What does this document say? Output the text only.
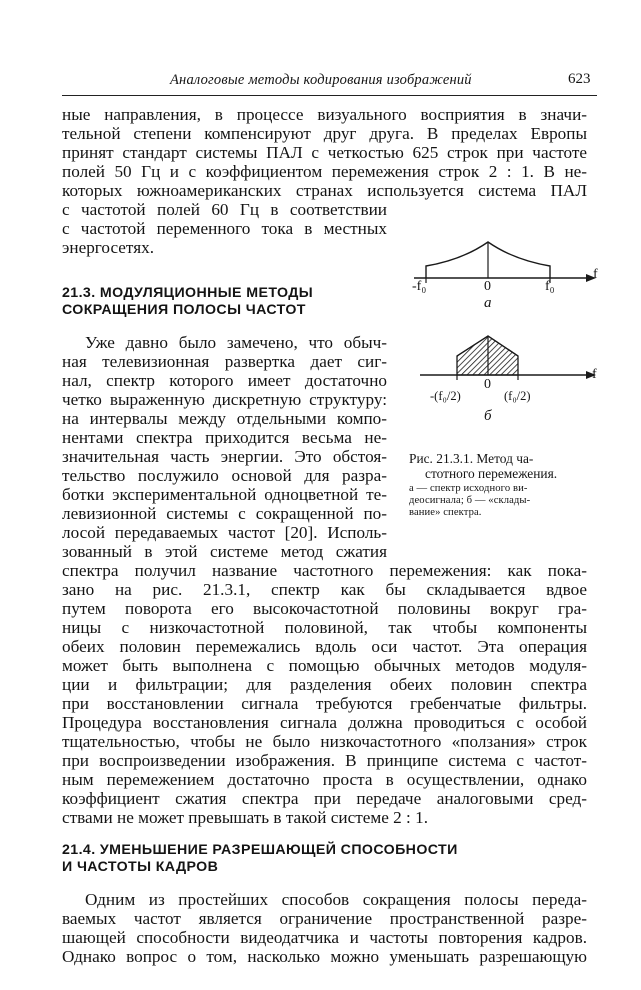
Аналоговые методы кодирования изображений	623
ные направления, в процессе визуального восприятия в значи-
тельной степени компенсируют друг друга. В пределах Европы
принят стандарт системы ПАЛ с четкостью 625 строк при частоте
полей 50 Гц и с коэффициентом перемежения строк 2 : 1. В не-
которых южноамериканских странах используется система ПАЛ
с частотой полей 60 Гц в соответствии
с частотой переменного тока в местных
энергосетях.
21.3. МОДУЛЯЦИОННЫЕ МЕТОДЫ
СОКРАЩЕНИЯ ПОЛОСЫ ЧАСТОТ
Уже давно было замечено, что обыч-
ная телевизионная развертка дает сиг-
нал, спектр которого имеет достаточно
четко выраженную дискретную структуру:
на интервалы между отдельными компо-
нентами спектра приходится весьма не-
значительная часть энергии. Это обстоя-
тельство послужило основой для разра-
ботки экспериментальной одноцветной те-
левизионной системы с сокращенной по-
лосой передаваемых частот [20]. Исполь-
зованный в этой системе метод сжатия
спектра получил название частотного перемежения: как пока-
зано на рис. 21.3.1, спектр как бы складывается вдвое
путем поворота его высокочастотной половины вокруг гра-
ницы с низкочастотной половиной, так чтобы компоненты
обеих половин перемежались вдоль оси частот. Эта операция
может быть выполнена с помощью обычных методов модуля-
ции и фильтрации; для разделения обеих половин спектра
при восстановлении сигнала требуются гребенчатые фильтры.
Процедура восстановления сигнала должна проводиться с особой
тщательностью, чтобы не было низкочастотного «ползания» строк
при воспроизведении изображения. В принципе система с частот-
ным перемежением достаточно проста в осуществлении, однако
коэффициент сжатия спектра при передаче аналоговыми сред-
ствами не может превышать в такой системе 2 : 1.
21.4. УМЕНЬШЕНИЕ РАЗРЕШАЮЩЕЙ СПОСОБНОСТИ
И ЧАСТОТЫ КАДРОВ
Одним из простейших способов сокращения полосы переда-
ваемых частот является ограничение пространственной разре-
шающей способности видеодатчика и частоты повторения кадров.
Однако вопрос о том, насколько можно уменьшать разрешающую
-f₀	0	f₀
f
а
0
f
-(f₀/2)	(f₀/2)
б
Рис. 21.3.1. Метод ча-
стотного перемежения.
а — спектр исходного ви-
деосигнала; б — «склады-
вание» спектра.
